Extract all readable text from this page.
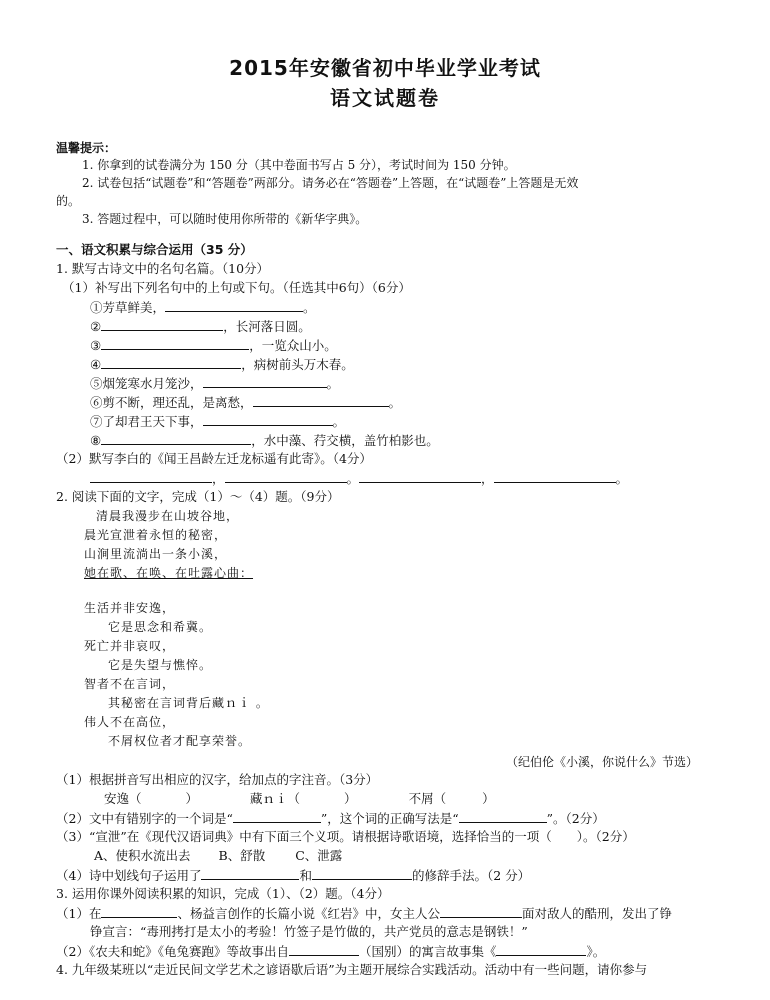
2015年安徽省初中毕业学业考试
语文试题卷
温馨提示：
1. 你拿到的试卷满分为 150 分（其中卷面书写占 5 分），考试时间为 150 分钟。
2. 试卷包括“试题卷”和“答题卷”两部分。请务必在“答题卷”上答题，在“试题卷”上答题是无效
的。
3. 答题过程中，可以随时使用你所带的《新华字典》。
一、语文积累与综合运用（35 分）
1. 默写古诗文中的名句名篇。（10分）
（1）补写出下列名句中的上句或下句。（任选其中6句）（6分）
①芳草鲜美，	。
②	，长河落日圆。
③	，一览众山小。
④	，病树前头万木春。
⑤烟笼寒水月笼沙，	。
⑥剪不断，理还乱，是离愁，	。
⑦了却君王天下事，	。
⑧	，水中藻、荇交横，盖竹柏影也。
（2）默写李白的《闻王昌龄左迁龙标遥有此寄》。（4分）
，	。	，	。
2. 阅读下面的文字，完成（1）～（4）题。（9分）
清晨我漫步在山坡谷地，
晨光宣泄着永恒的秘密，
山涧里流淌出一条小溪，
她在歌、在唤、在吐露心曲：
生活并非安逸，
它是思念和希冀。
死亡并非哀叹，
它是失望与憔悴。
智者不在言词，
其秘密在言词背后藏ｎｉ 。
伟人不在高位，
不屑权位者才配享荣誉。
（纪伯伦《小溪，你说什么》节选）
（1）根据拼音写出相应的汉字，给加点的字注音。（3分）
安逸（	）	藏ｎｉ（	）	不屑（	）
（2）文中有错别字的一个词是“	”，这个词的正确写法是“	”。（2分）
（3）“宣泄”在《现代汉语词典》中有下面三个义项。请根据诗歌语境，选择恰当的一项（　　）。（2分）
A、使积水流出去 B、舒散 C、泄露
（4）诗中划线句子运用了	和	的修辞手法。（2 分）
3. 运用你课外阅读积累的知识，完成（1）、（2）题。（4分）
（1）在	、杨益言创作的长篇小说《红岩》中，女主人公	面对敌人的酷刑，发出了铮
铮宣言：“毒刑拷打是太小的考验！竹签子是竹做的，共产党员的意志是钢铁！”
（2）《农夫和蛇》《龟兔赛跑》等故事出自	（国别）的寓言故事集《	》。
4. 九年级某班以“走近民间文学艺术之谚语歇后语”为主题开展综合实践活动。活动中有一些问题，请你参与
